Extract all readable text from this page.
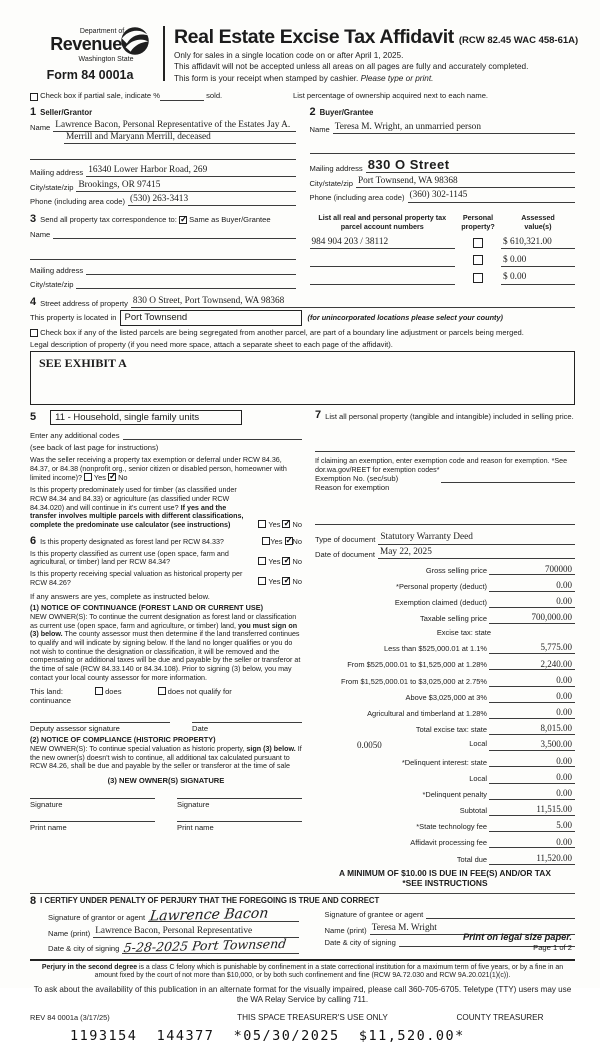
Department of
Revenue
Washington State
Form 84 0001a
Real Estate Excise Tax Affidavit (RCW 82.45 WAC 458-61A)
Only for sales in a single location code on or after April 1, 2025.
This affidavit will not be accepted unless all areas on all pages are fully and accurately completed.
This form is your receipt when stamped by cashier. Please type or print.

Check box if partial sale, indicate %
	sold.	List percentage of ownership acquired next to each name.
1 Seller/Grantor
Name Lawrence Bacon, Personal Representative of the Estates Jay A.
Merrill and Maryann Merrill, deceased
Mailing address 16340 Lower Harbor Road, 269
City/state/zip Brookings, OR 97415
Phone (including area code) (530) 263-3413
2 Buyer/Grantee
Name Teresa M. Wright, an unmarried person
Mailing address 830 O Street
City/state/zip Port Townsend, WA 98368
Phone (including area code) (360) 302-1145
3 Send all property tax correspondence to:
✓
Same as Buyer/Grantee
Name
Mailing address
City/state/zip
List all real and personal property tax
parcel account numbers
Personal
property?
Assessed
value(s)
984 904 203 / 38112	$ 610,321.00
$ 0.00
$ 0.00
4 Street address of property 830 O Street, Port Townsend, WA 98368
This property is located in Port Townsend	(for unincorporated locations please select your county)

Check box if any of the listed parcels are being segregated from another parcel, are part of a boundary line adjustment or parcels being merged.
Legal description of property (if you need more space, attach a separate sheet to each page of the affidavit).
SEE EXHIBIT A
5	11 - Household, single family units
Enter any additional codes
(see back of last page for instructions)
Was the seller receiving a property tax exemption or deferral under RCW 84.36, 84.37, or 84.38 (nonprofit org., senior citizen or disabled person, homeowner with limited income)? Yes ✓ No
Is this property predominately used for timber (as classified under RCW 84.34 and 84.33) or agriculture (as classified under RCW 84.34.020) and will continue in it's current use? If yes and the transfer involves multiple parcels with different classifications, complete the predominate use calculator (see instructions)	Yes ✓ No
6 Is this property designated as forest land per RCW 84.33?	Yes ✓ No
Is this property classified as current use (open space, farm and agricultural, or timber) land per RCW 84.34?	Yes ✓ No
Is this property receiving special valuation as historical property per RCW 84.26?	Yes ✓ No
If any answers are yes, complete as instructed below.
(1) NOTICE OF CONTINUANCE (FOREST LAND OR CURRENT USE)
NEW OWNER(S): To continue the current designation as forest land or classification as current use (open space, farm and agriculture, or timber) land, you must sign on (3) below. The county assessor must then determine if the land transferred continues to qualify and will indicate by signing below. If the land no longer qualifies or you do not wish to continue the designation or classification, it will be removed and the compensating or additional taxes will be due and payable by the seller or transferor at the time of sale (RCW 84.33.140 or 84.34.108). Prior to signing (3) below, you may contact your local county assessor for more information.
This land:	does	does not qualify for
continuance
Deputy assessor signature	Date
(2) NOTICE OF COMPLIANCE (HISTORIC PROPERTY)
NEW OWNER(S): To continue special valuation as historic property, sign (3) below. If the new owner(s) doesn't wish to continue, all additional tax calculated pursuant to RCW 84.26, shall be due and payable by the seller or transferor at the time of sale
(3) NEW OWNER(S) SIGNATURE
Signature	Signature
Print name	Print name
7 List all personal property (tangible and intangible) included in selling price.
If claiming an exemption, enter exemption code and reason for exemption. *See dor.wa.gov/REET for exemption codes*
Exemption No. (sec/sub)
Reason for exemption
Type of document Statutory Warranty Deed
Date of document May 22, 2025
Gross selling price	700000
*Personal property (deduct)	0.00
Exemption claimed (deduct)	0.00
Taxable selling price	700,000.00
Excise tax: state
Less than $525,000.01 at 1.1%	5,775.00
From $525,000.01 to $1,525,000 at 1.28%	2,240.00
From $1,525,000.01 to $3,025,000 at 2.75%	0.00
Above $3,025,000 at 3%	0.00
Agricultural and timberland at 1.28%	0.00
Total excise tax: state	8,015.00
0.0050	Local	3,500.00
*Delinquent interest: state	0.00
Local	0.00
*Delinquent penalty	0.00
Subtotal	11,515.00
*State technology fee	5.00
Affidavit processing fee	0.00
Total due	11,520.00
A MINIMUM OF $10.00 IS DUE IN FEE(S) AND/OR TAX
*SEE INSTRUCTIONS
8 I CERTIFY UNDER PENALTY OF PERJURY THAT THE FOREGOING IS TRUE AND CORRECT
Signature of grantor or agent Lawrence Bacon
Name (print) Lawrence Bacon, Personal Representative
Date & city of signing 5-28-2025 Port Townsend
Signature of grantee or agent
Name (print) Teresa M. Wright
Date & city of signing
Perjury in the second degree is a class C felony which is punishable by confinement in a state correctional institution for a maximum term of five years, or by a fine in an amount fixed by the court of not more than $10,000, or by both such confinement and fine (RCW 9A.72.030 and RCW 9A.20.021(1)(c)).
To ask about the availability of this publication in an alternate format for the visually impaired, please call 360-705-6705. Teletype (TTY) users may use the WA Relay Service by calling 711.
REV 84 0001a (3/17/25)	THIS SPACE TREASURER'S USE ONLY	COUNTY TREASURER
1193154  144377  *05/30/2025  $11,520.00*
Print on legal size paper.
Page 1 of 2
